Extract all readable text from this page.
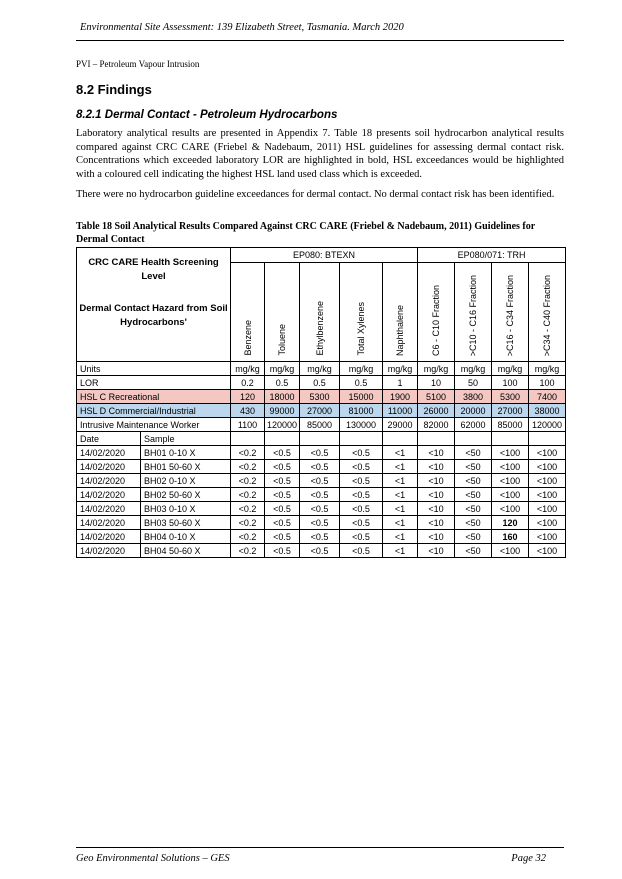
Environmental Site Assessment: 139 Elizabeth Street, Tasmania. March 2020
PVI – Petroleum Vapour Intrusion
8.2 Findings
8.2.1 Dermal Contact - Petroleum Hydrocarbons
Laboratory analytical results are presented in Appendix 7. Table 18 presents soil hydrocarbon analytical results compared against CRC CARE (Friebel & Nadebaum, 2011) HSL guidelines for assessing dermal contact risk. Concentrations which exceeded laboratory LOR are highlighted in bold, HSL exceedances would be highlighted with a coloured cell indicating the highest HSL land used class which is exceeded.
There were no hydrocarbon guideline exceedances for dermal contact. No dermal contact risk has been identified.
Table 18 Soil Analytical Results Compared Against CRC CARE (Friebel & Nadebaum, 2011) Guidelines for Dermal Contact
CRC CARE Health Screening Level
Dermal Contact Hazard from Soil Hydrocarbons'		EP080: BTEXN					EP080/071: TRH			
		Benzene	Toluene	Ethylbenzene	Total Xylenes	Naphthalene	C6 - C10 Fraction	>C10 - C16 Fraction	>C16 - C34 Fraction	>C34 - C40 Fraction
Units		mg/kg	mg/kg	mg/kg	mg/kg	mg/kg	mg/kg	mg/kg	mg/kg	mg/kg
LOR		0.2	0.5	0.5	0.5	1	10	50	100	100
HSL C Recreational		120	18000	5300	15000	1900	5100	3800	5300	7400
HSL D Commercial/Industrial		430	99000	27000	81000	11000	26000	20000	27000	38000
Intrusive Maintenance Worker		1100	120000	85000	130000	29000	82000	62000	85000	120000
Date	Sample									
14/02/2020	BH01 0-10 X	<0.2	<0.5	<0.5	<0.5	<1	<10	<50	<100	<100
14/02/2020	BH01 50-60 X	<0.2	<0.5	<0.5	<0.5	<1	<10	<50	<100	<100
14/02/2020	BH02 0-10 X	<0.2	<0.5	<0.5	<0.5	<1	<10	<50	<100	<100
14/02/2020	BH02 50-60 X	<0.2	<0.5	<0.5	<0.5	<1	<10	<50	<100	<100
14/02/2020	BH03 0-10 X	<0.2	<0.5	<0.5	<0.5	<1	<10	<50	<100	<100
14/02/2020	BH03 50-60 X	<0.2	<0.5	<0.5	<0.5	<1	<10	<50	120	<100
14/02/2020	BH04 0-10 X	<0.2	<0.5	<0.5	<0.5	<1	<10	<50	160	<100
14/02/2020	BH04 50-60 X	<0.2	<0.5	<0.5	<0.5	<1	<10	<50	<100	<100
Geo Environmental Solutions – GES	Page 32
